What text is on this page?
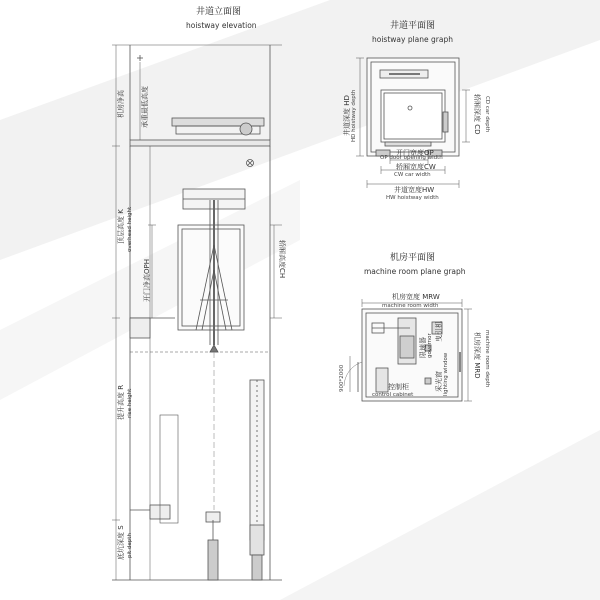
井道立面图
hoistway elevation
机房净高 承重最低高度
顶层高度 K overhead height
开门净高OPH	轿厢高度CH
提升高度 R rise height
底坑深度 S pit depth
井道平面图
hoistway plane graph
井道深度 HD HD hoistway depth	轿厢深度 CD CD car depth
开门宽度OP
OP door opening width
轿厢宽度CW
CW car width
井道宽度HW
HW hoistway width
机房平面图
machine room plane graph
机房宽度 MRW
machine room width
机房深度 MRD machine room depth
限速器 governor
曳引机
采光窗 lighting window
控制柜
control cabinet
900*2000
